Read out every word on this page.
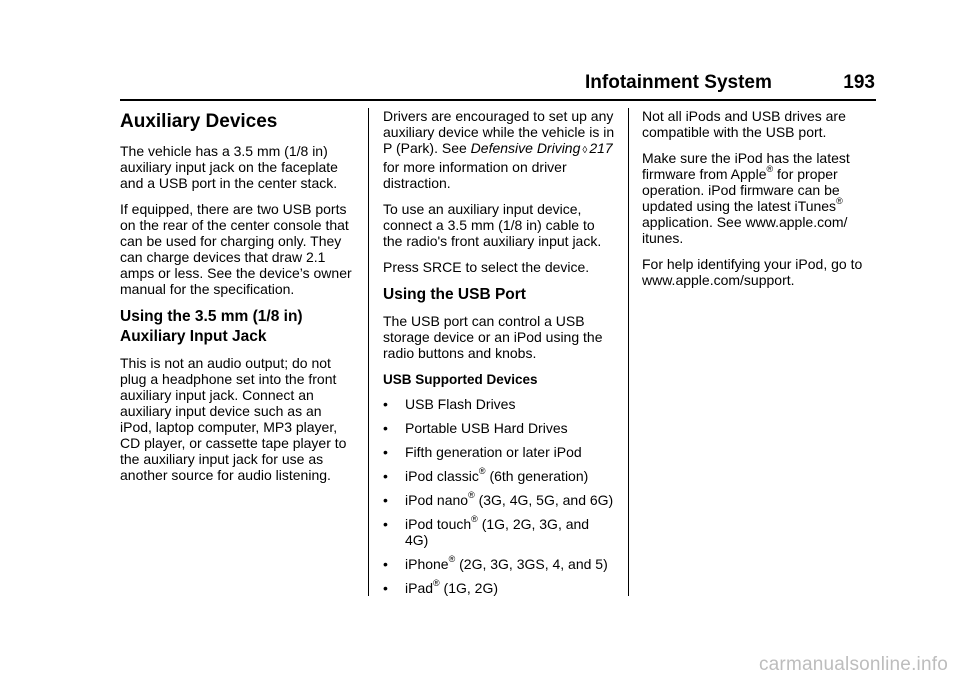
Infotainment System	193
Auxiliary Devices

The vehicle has a 3.5 mm (1/8 in) auxiliary input jack on the faceplate and a USB port in the center stack.

If equipped, there are two USB ports on the rear of the center console that can be used for charging only. They can charge devices that draw 2.1 amps or less. See the device’s owner manual for the specification.

Using the 3.5 mm (1/8 in) Auxiliary Input Jack

This is not an audio output; do not plug a headphone set into the front auxiliary input jack. Connect an auxiliary input device such as an iPod, laptop computer, MP3 player, CD player, or cassette tape player to the auxiliary input jack for use as another source for audio listening.

Drivers are encouraged to set up any auxiliary device while the vehicle is in P (Park). See Defensive Driving ◊ 217 for more information on driver distraction.

To use an auxiliary input device, connect a 3.5 mm (1/8 in) cable to the radio's front auxiliary input jack.

Press SRCE to select the device.

Using the USB Port

The USB port can control a USB storage device or an iPod using the radio buttons and knobs.

USB Supported Devices
• USB Flash Drives
• Portable USB Hard Drives
• Fifth generation or later iPod
• iPod classic® (6th generation)
• iPod nano® (3G, 4G, 5G, and 6G)
• iPod touch® (1G, 2G, 3G, and 4G)
• iPhone® (2G, 3G, 3GS, 4, and 5)
• iPad® (1G, 2G)

Not all iPods and USB drives are compatible with the USB port.

Make sure the iPod has the latest firmware from Apple® for proper operation. iPod firmware can be updated using the latest iTunes® application. See www.apple.com/ itunes.

For help identifying your iPod, go to www.apple.com/support.

carmanualsonline.info
